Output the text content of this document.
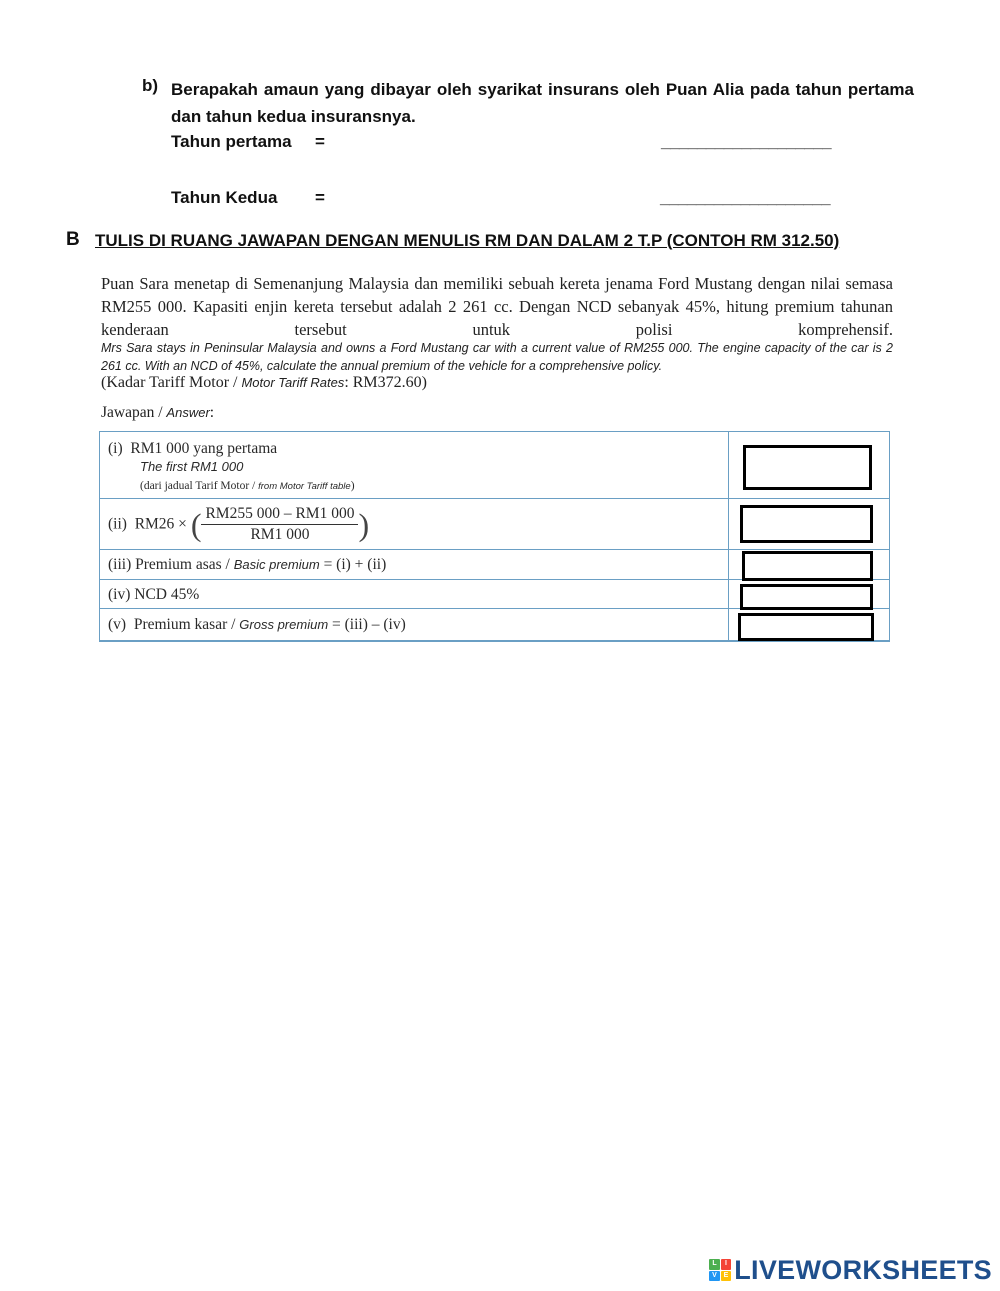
b) Berapakah amaun yang dibayar oleh syarikat insurans oleh Puan Alia pada tahun pertama dan tahun kedua insuransnya.
Tahun pertama =	___________________
Tahun Kedua =	___________________
B TULIS DI RUANG JAWAPAN DENGAN MENULIS RM DAN DALAM 2 T.P (CONTOH RM 312.50)
Puan Sara menetap di Semenanjung Malaysia dan memiliki sebuah kereta jenama Ford Mustang dengan nilai semasa RM255 000. Kapasiti enjin kereta tersebut adalah 2 261 cc. Dengan NCD sebanyak 45%, hitung premium tahunan kenderaan tersebut untuk polisi komprehensif.
Mrs Sara stays in Peninsular Malaysia and owns a Ford Mustang car with a current value of RM255 000. The engine capacity of the car is 2 261 cc. With an NCD of 45%, calculate the annual premium of the vehicle for a comprehensive policy.
(Kadar Tariff Motor / Motor Tariff Rates: RM372.60)
Jawapan / Answer:
(i) RM1 000 yang pertama
The first RM1 000
(dari jadual Tarif Motor / from Motor Tariff table)
(ii) RM26 × ( $\frac{RM255 000 - RM1 000}{RM1 000}$ )
(iii) Premium asas / Basic premium = (i) + (ii)
(iv) NCD 45%
(v) Premium kasar / Gross premium = (iii) – (iv)
L	I
V E LIVEWORKSHEETS
